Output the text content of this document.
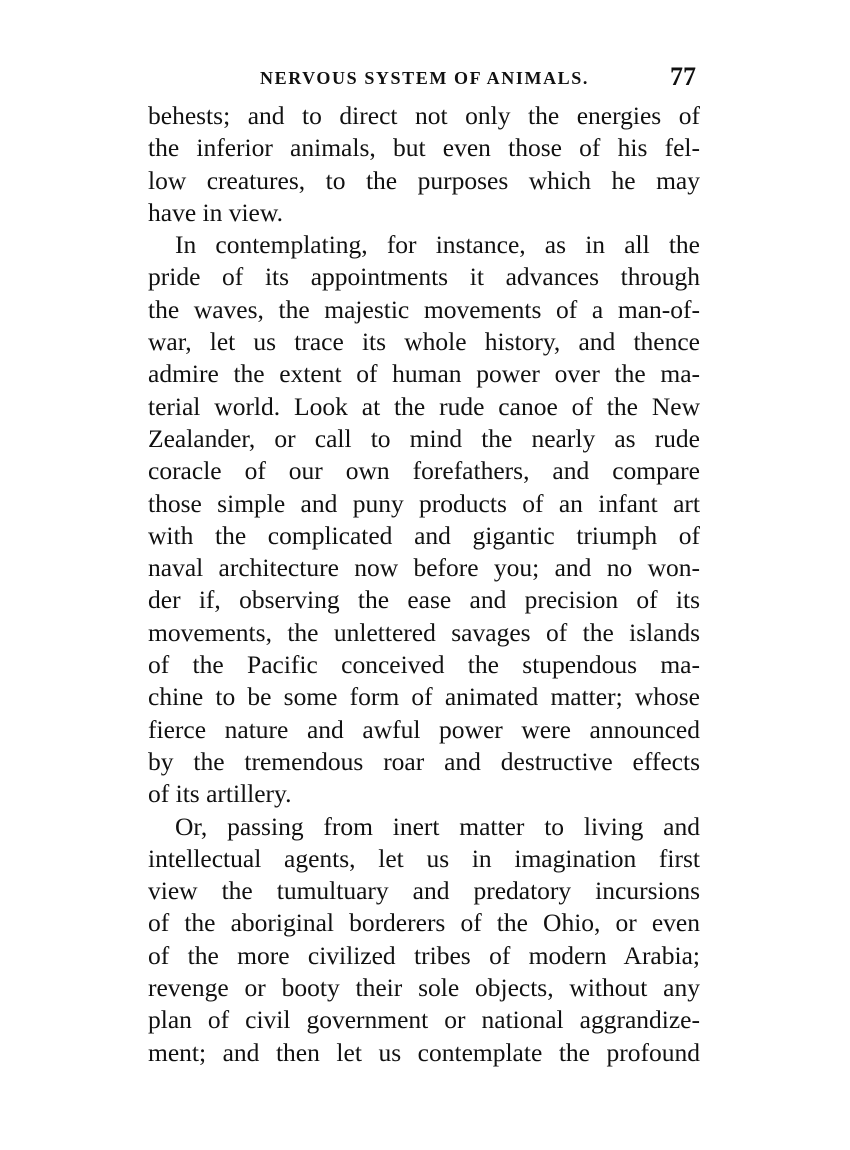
NERVOUS SYSTEM OF ANIMALS.	77
behests; and to direct not only the energies of
the inferior animals, but even those of his fel-
low creatures, to the purposes which he may
have in view.
In contemplating, for instance, as in all the
pride of its appointments it advances through
the waves, the majestic movements of a man-of-
war, let us trace its whole history, and thence
admire the extent of human power over the ma-
terial world. Look at the rude canoe of the New
Zealander, or call to mind the nearly as rude
coracle of our own forefathers, and compare
those simple and puny products of an infant art
with the complicated and gigantic triumph of
naval architecture now before you; and no won-
der if, observing the ease and precision of its
movements, the unlettered savages of the islands
of the Pacific conceived the stupendous ma-
chine to be some form of animated matter; whose
fierce nature and awful power were announced
by the tremendous roar and destructive effects
of its artillery.
Or, passing from inert matter to living and
intellectual agents, let us in imagination first
view the tumultuary and predatory incursions
of the aboriginal borderers of the Ohio, or even
of the more civilized tribes of modern Arabia;
revenge or booty their sole objects, without any
plan of civil government or national aggrandize-
ment; and then let us contemplate the profound
